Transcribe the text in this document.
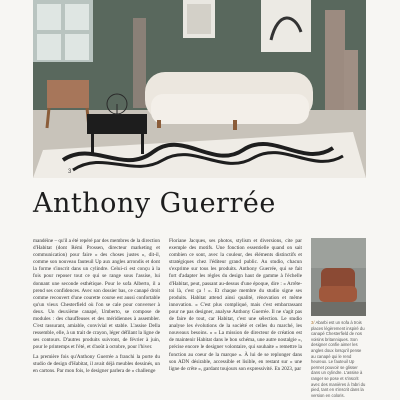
3
Anthony Guerrée

mandéine – qu'il a été repéré par des membres de la direction d'Habitat (dont Rémi Prossen, directeur marketing et communication) pour faire « des choses justes », dit-il, comme son nouveau fauteuil Up aux angles arrondis et dont la forme s'inscrit dans un cylindre. Celui-ci est conçu à la fois pour reposer tout ce qui se range sous l'assise, lui donnant une seconde esthétique. Pour le sofa Alberto, il a prend ses confidences. Avec son dossier bas, ce canapé droit comme recouvert d'une courette course est aussi confortable qu'un vieux Chesterfield où l'on se cale pour converser à deux. Un deuxième canapé, Umberto, se compose de modules : des chauffeuses et des méridiennes à assembler. C'est rassurant, amiable, convivial et stable. L'assise Della ressemble, elle, à un trait de crayon, léger défilant la ligne de ses contours. D'autres produits suivront, de février à juin, pour le printemps et l'été, et d'août à octobre, pour l'hiver.

La première fois qu'Anthony Guerrée a franchi la porte du studio de design d'Habitat, il avait déjà meubles dessinés, un en cartons. Par mon fois, le designer parlera de « challenge

Floriane Jacques, ses photos, stylism et diversions, cite par exemple des motifs. Une fonction essentielle quand on sait combien ce sont, avec la couleur, des éléments distinctifs et stratégiques chez l'éditeur grand public. Au studio, chacun s'exprime sur tous les produits. Anthony Guerrée, qui se fait fort d'adapter les règles du design haut de gamme à l'échelle d'Habitat, peut, passant au-dessus d'une époque, dire : « Arrête-toi là, c'est ça ! ». Et chaque membre du studio signe ses produits. Habitat attend ainsi qualité, rénovation et même innovation. « C'est plus compliqué, mais c'est embarrassant pour ne pas designer, analyse Anthony Guerrée. Il ne s'agit pas de faire de tout, car Habitat, c'est une sélection. Le studio analyse les évolutions de la société et celles du marché, les nouveaux besoins. » « La mission de directeur de création est de maintenir Habitat dans le bon schéma, une autre nostalgie », précise encore le designer volontaire, qui souhaite « remettre la fonction au coeur de la marque ». À lui de se replonger dans son ADN désirable, accessible et lisible, en restant sur « une ligne de crête », gardant toujours son expressivité. En 2023, par

3/ Abarbi est un sofa à trois places légèrement inspiré du canapé Chesterfield de nos voisins britanniques. Son designer confie aimer les angles doux lorsqu'il pense au canapé qui le rend heureux. Le fauteuil Up permet pouvoir se glisser dans un cylindre. L'assise à ranger se pose et s'inscrit avec des manières à l'abri du pied, tant en s'inscrit dans la version en coloris.
